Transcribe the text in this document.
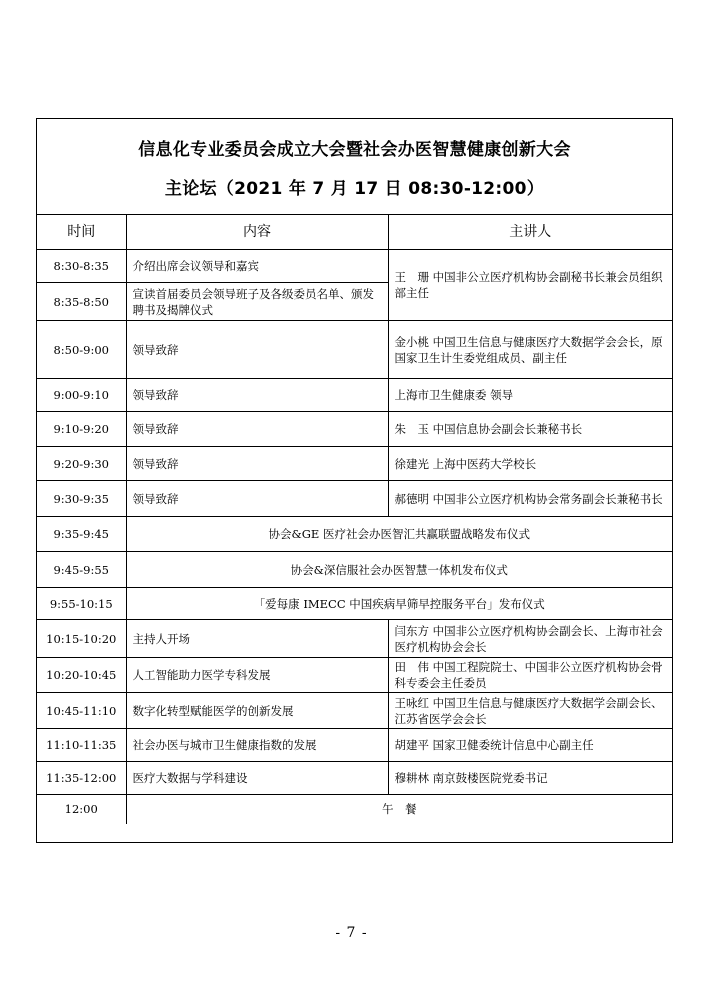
信息化专业委员会成立大会暨社会办医智慧健康创新大会
主论坛（2021 年 7 月 17 日 08:30-12:00）
时间	内容	主讲人
8:30-8:35	介绍出席会议领导和嘉宾	王　珊 中国非公立医疗机构协会副秘书长兼会员组织部主任
8:35-8:50	宣读首届委员会领导班子及各级委员名单、颁发聘书及揭牌仪式	
8:50-9:00	领导致辞	金小桃 中国卫生信息与健康医疗大数据学会会长，原国家卫生计生委党组成员、副主任
9:00-9:10	领导致辞	上海市卫生健康委 领导
9:10-9:20	领导致辞	朱　玉 中国信息协会副会长兼秘书长
9:20-9:30	领导致辞	徐建光 上海中医药大学校长
9:30-9:35	领导致辞	郝德明 中国非公立医疗机构协会常务副会长兼秘书长
9:35-9:45	协会&GE 医疗社会办医智汇共赢联盟战略发布仪式	
9:45-9:55	协会&深信服社会办医智慧一体机发布仪式	
9:55-10:15	「爱每康 IMECC 中国疾病早筛早控服务平台」发布仪式	
10:15-10:20	主持人开场	闫东方 中国非公立医疗机构协会副会长、上海市社会医疗机构协会会长
10:20-10:45	人工智能助力医学专科发展	田　伟 中国工程院院士、中国非公立医疗机构协会骨科专委会主任委员
10:45-11:10	数字化转型赋能医学的创新发展	王咏红 中国卫生信息与健康医疗大数据学会副会长、江苏省医学会会长
11:10-11:35	社会办医与城市卫生健康指数的发展	胡建平 国家卫健委统计信息中心副主任
11:35-12:00	医疗大数据与学科建设	穆耕林 南京鼓楼医院党委书记
12:00	午　餐	
- 7 -
